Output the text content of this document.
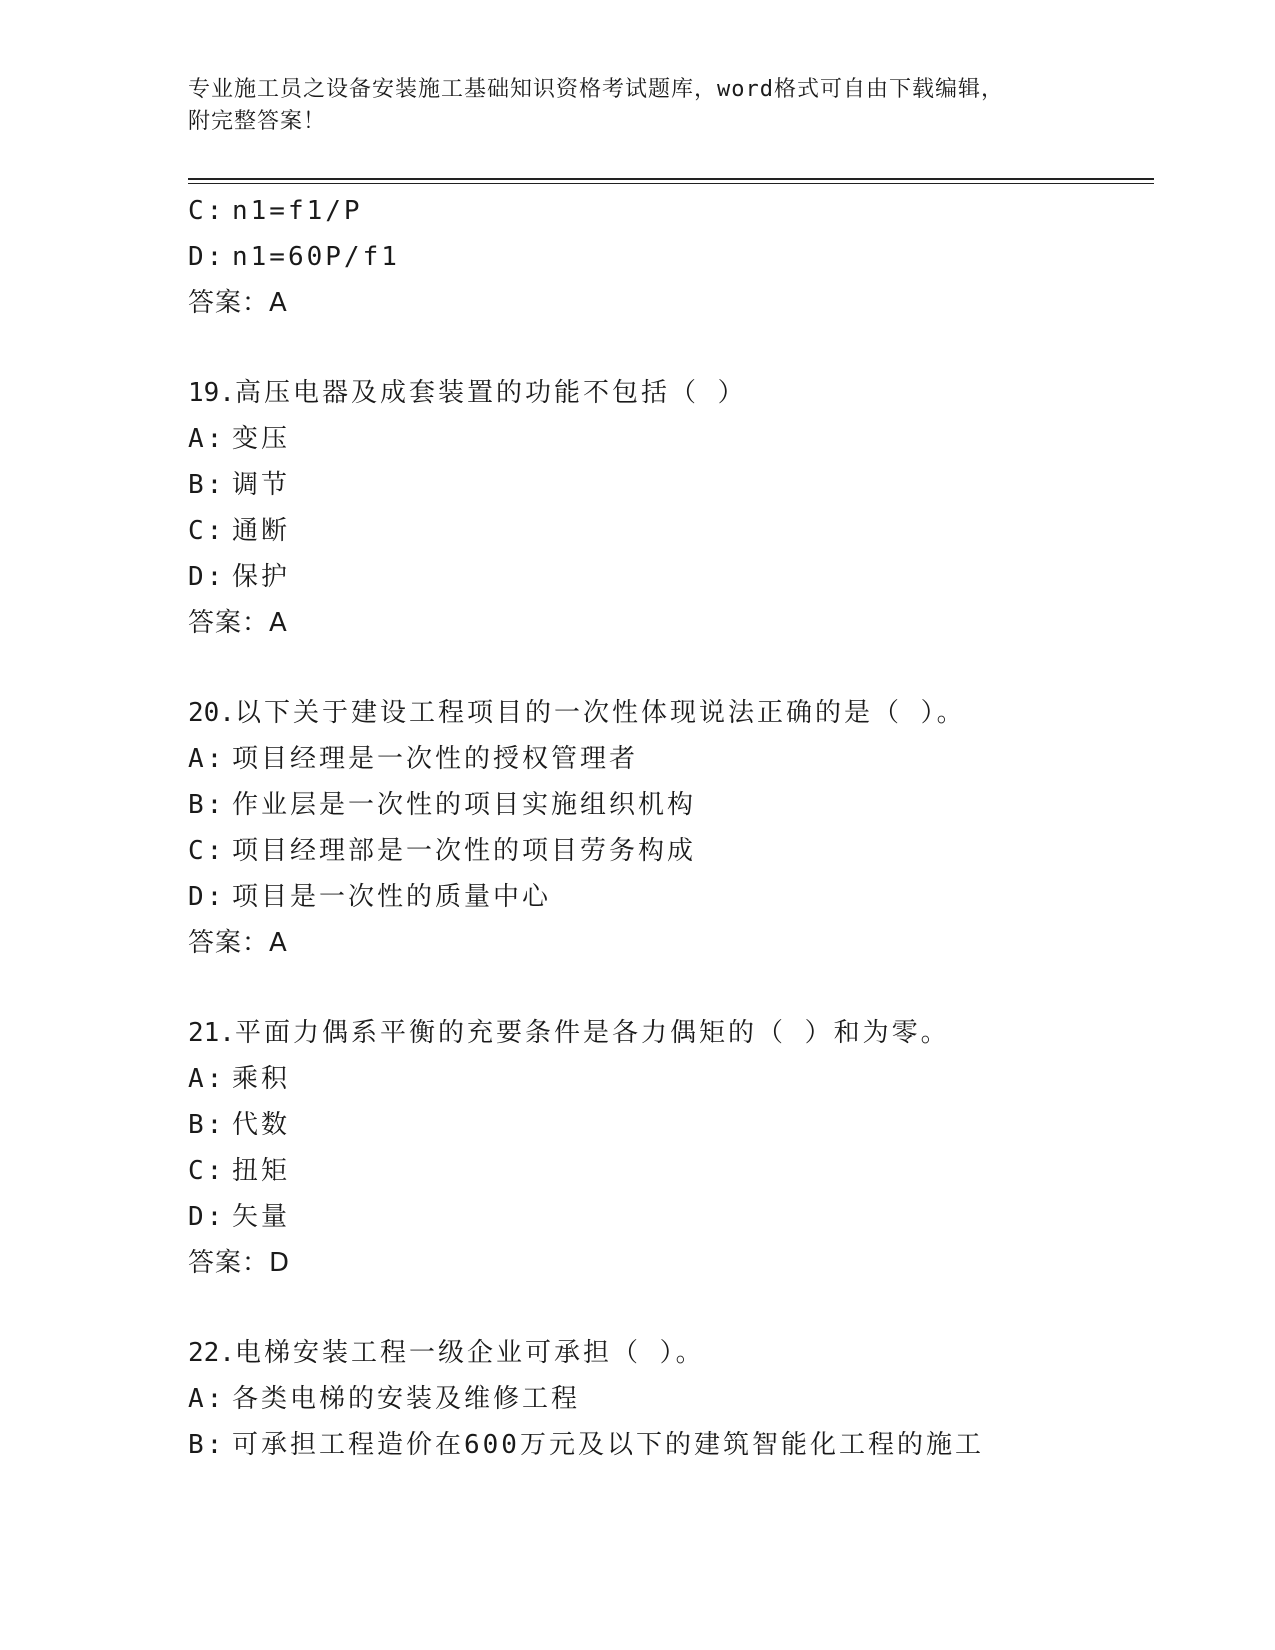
专业施工员之设备安装施工基础知识资格考试题库，word格式可自由下载编辑，
附完整答案！
C: n1=f1/P
D: n1=60P/f1
答案：A
19.高压电器及成套装置的功能不包括（ ）
A: 变压
B: 调节
C: 通断
D: 保护
答案：A
20.以下关于建设工程项目的一次性体现说法正确的是（ ）。
A: 项目经理是一次性的授权管理者
B: 作业层是一次性的项目实施组织机构
C: 项目经理部是一次性的项目劳务构成
D: 项目是一次性的质量中心
答案：A
21.平面力偶系平衡的充要条件是各力偶矩的（ ）和为零。
A: 乘积
B: 代数
C: 扭矩
D: 矢量
答案：D
22.电梯安装工程一级企业可承担（ ）。
A: 各类电梯的安装及维修工程
B: 可承担工程造价在600万元及以下的建筑智能化工程的施工
